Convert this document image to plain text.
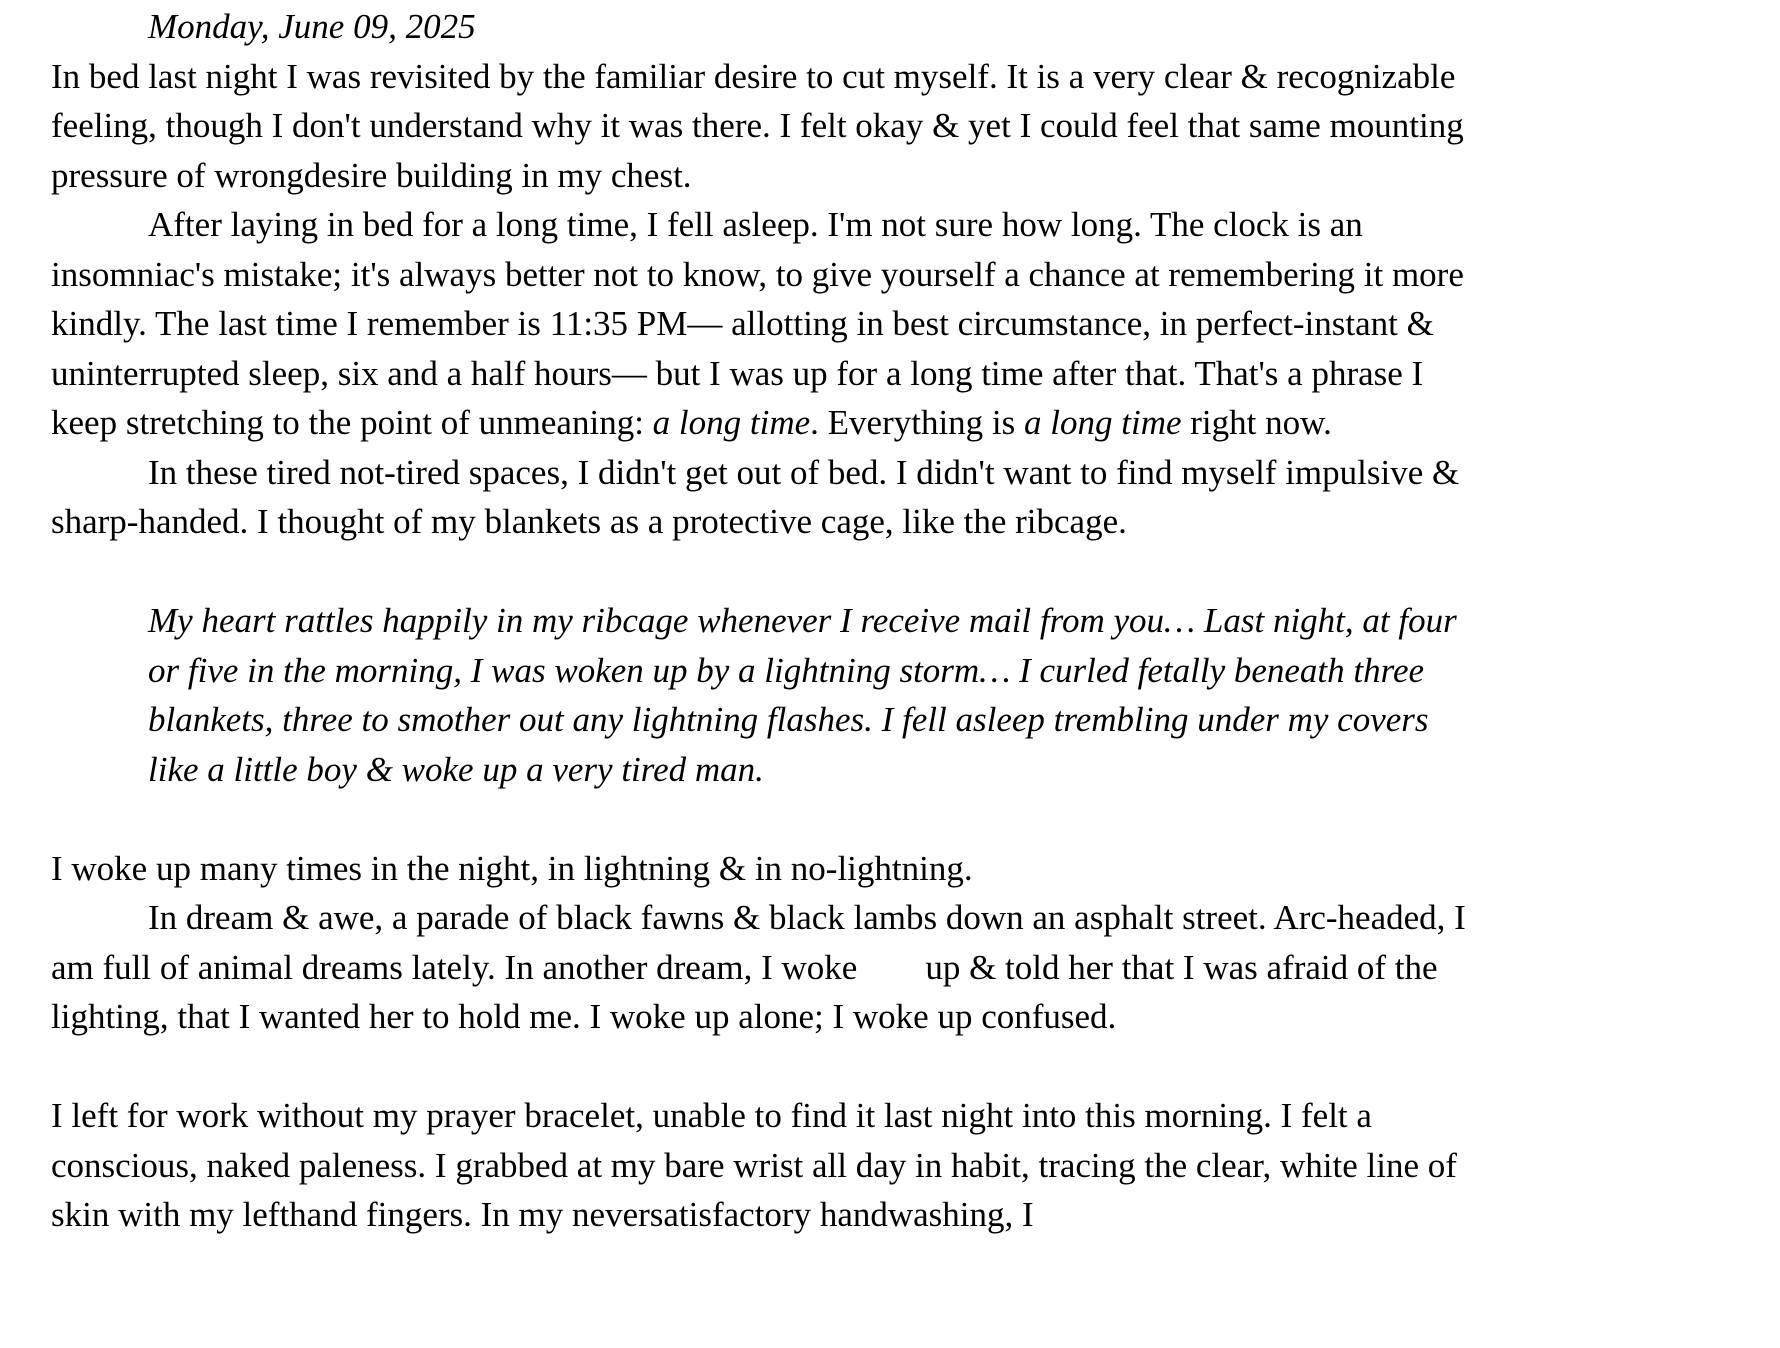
Monday, June 09, 2025

In bed last night I was revisited by the familiar desire to cut myself. It is a very clear & recognizable feeling, though I don't understand why it was there. I felt okay & yet I could feel that same mounting pressure of wrongdesire building in my chest.

After laying in bed for a long time, I fell asleep. I'm not sure how long. The clock is an insomniac's mistake; it's always better not to know, to give yourself a chance at remembering it more kindly. The last time I remember is 11:35 PM— allotting in best circumstance, in perfect-instant & uninterrupted sleep, six and a half hours— but I was up for a long time after that. That's a phrase I keep stretching to the point of unmeaning: a long time. Everything is a long time right now.

In these tired not-tired spaces, I didn't get out of bed. I didn't want to find myself impulsive & sharp-handed. I thought of my blankets as a protective cage, like the ribcage.

My heart rattles happily in my ribcage whenever I receive mail from you… Last night, at four or five in the morning, I was woken up by a lightning storm… I curled fetally beneath three blankets, three to smother out any lightning flashes. I fell asleep trembling under my covers like a little boy & woke up a very tired man.

I woke up many times in the night, in lightning & in no-lightning.

In dream & awe, a parade of black fawns & black lambs down an asphalt street. Arc-headed, I am full of animal dreams lately. In another dream, I woke up & told her that I was afraid of the lighting, that I wanted her to hold me. I woke up alone; I woke up confused.

I left for work without my prayer bracelet, unable to find it last night into this morning. I felt a conscious, naked paleness. I grabbed at my bare wrist all day in habit, tracing the clear, white line of skin with my lefthand fingers. In my neversatisfactory handwashing, I
